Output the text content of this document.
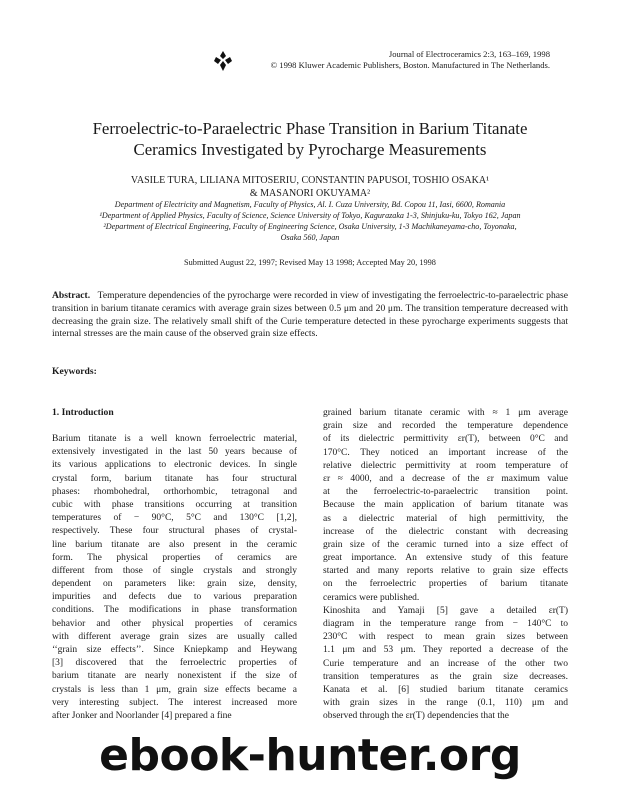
Journal of Electroceramics 2:3, 163–169, 1998
© 1998 Kluwer Academic Publishers, Boston. Manufactured in The Netherlands.
Ferroelectric-to-Paraelectric Phase Transition in Barium Titanate
Ceramics Investigated by Pyrocharge Measurements
VASILE TURA, LILIANA MITOSERIU, CONSTANTIN PAPUSOI, TOSHIO OSAKA¹
& MASANORI OKUYAMA²
Department of Electricity and Magnetism, Faculty of Physics, Al. I. Cuza University, Bd. Copou 11, Iasi, 6600, Romania
¹Department of Applied Physics, Faculty of Science, Science University of Tokyo, Kagurazaka 1-3, Shinjuku-ku, Tokyo 162, Japan
²Department of Electrical Engineering, Faculty of Engineering Science, Osaka University, 1-3 Machikaneyama-cho, Toyonaka,
Osaka 560, Japan
Submitted August 22, 1997; Revised May 13 1998; Accepted May 20, 1998
Abstract. Temperature dependencies of the pyrocharge were recorded in view of investigating the ferroelectric-to-paraelectric phase transition in barium titanate ceramics with average grain sizes between 0.5 μm and 20 μm. The transition temperature decreased with decreasing the grain size. The relatively small shift of the Curie temperature detected in these pyrocharge experiments suggests that internal stresses are the main cause of the observed grain size effects.
Keywords:
1. Introduction
Barium titanate is a well known ferroelectric material,
extensively investigated in the last 50 years because of
its various applications to electronic devices. In single
crystal form, barium titanate has four structural
phases: rhombohedral, orthorhombic, tetragonal and
cubic with phase transitions occurring at transition
temperatures of − 90°C, 5°C and 130°C [1,2],
respectively. These four structural phases of crystal-
line barium titanate are also present in the ceramic
form. The physical properties of ceramics are
different from those of single crystals and strongly
dependent on parameters like: grain size, density,
impurities and defects due to various preparation
conditions. The modifications in phase transformation
behavior and other physical properties of ceramics
with different average grain sizes are usually called
‘‘grain size effects’’. Since Kniepkamp and Heywang
[3] discovered that the ferroelectric properties of
barium titanate are nearly nonexistent if the size of
crystals is less than 1 μm, grain size effects became a
very interesting subject. The interest increased more
after Jonker and Noorlander [4] prepared a fine
grained barium titanate ceramic with ≈ 1 μm average
grain size and recorded the temperature dependence
of its dielectric permittivity εr(T), between 0°C and
170°C. They noticed an important increase of the
relative dielectric permittivity at room temperature of
εr ≈ 4000, and a decrease of the εr maximum value
at the ferroelectric-to-paraelectric transition point.
Because the main application of barium titanate was
as a dielectric material of high permittivity, the
increase of the dielectric constant with decreasing
grain size of the ceramic turned into a size effect of
great importance. An extensive study of this feature
started and many reports relative to grain size effects
on the ferroelectric properties of barium titanate
ceramics were published.
Kinoshita and Yamaji [5] gave a detailed εr(T)
diagram in the temperature range from − 140°C to
230°C with respect to mean grain sizes between
1.1 μm and 53 μm. They reported a decrease of the
Curie temperature and an increase of the other two
transition temperatures as the grain size decreases.
Kanata et al. [6] studied barium titanate ceramics
with grain sizes in the range (0.1, 110) μm and
observed through the εr(T) dependencies that the
ebook-hunter.org
